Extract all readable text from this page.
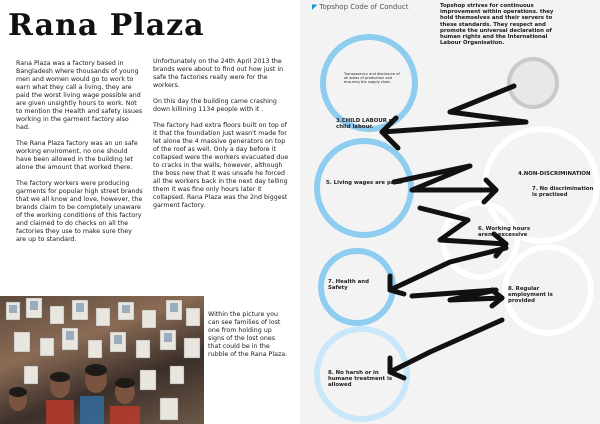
Rana Plaza

Rana Plaza was a factory based in Bangladesh where thousands of young men and women would go to work to earn what they call a living, they are paid the worst living wage possible and are given unsightly hours to work. Not to mention the Health and safety issues working in the garment factory also had.

The Rana Plaza factory was an un safe working enviroment, no one should have been allowed in the building let alone the amount that worked there.

The factory workers were producing garments for popular high street brands that we all know and love, however, the brands claim to be completely unaware of the working conditions of this factory and claimed to do checks on all the factories they use to make sure they are up to standard.

Unfortunately on the 24th April 2013 the brands were about to find out how just in safe the factories really were for the workers.

On this day the building came crashing down killining 1134 people with it .

The factory had extra floors built on top of it that the foundation just wasn't made for let alone the 4 massive generators on top of the roof as well. Only a day before it collapsed were the workers evacuated due to cracks in the walls, however, although the boss new that it was unsafe he forced all the workers back in the next day telling them it was fine only hours later it collapsed. Rana Plaza was the 2nd biggest garment factory.

Within the picture you can see families of lost one from holding up signs of the lost ones that could be in the rubble of the Rana Plaza.
◤ Topshop Code of Conduct	Topshop strives for continuous improvement within operations. they hold themselves and their servers to these standards. They respect and promote the universal declaration of human rights and the International Labour Organisation.
Transparency and disclosure of all areas of production and ensuring the supply chain
3.CHILD LABOUR no child labour.
4.NON-DISCRIMINATION
5. Living wages are paid.
7. No discrimination is practised
6. Working hours aren't excessive
7. Health and Safety	8. Regular employment is provided
8. No harsh or in humane treatment is allowed
